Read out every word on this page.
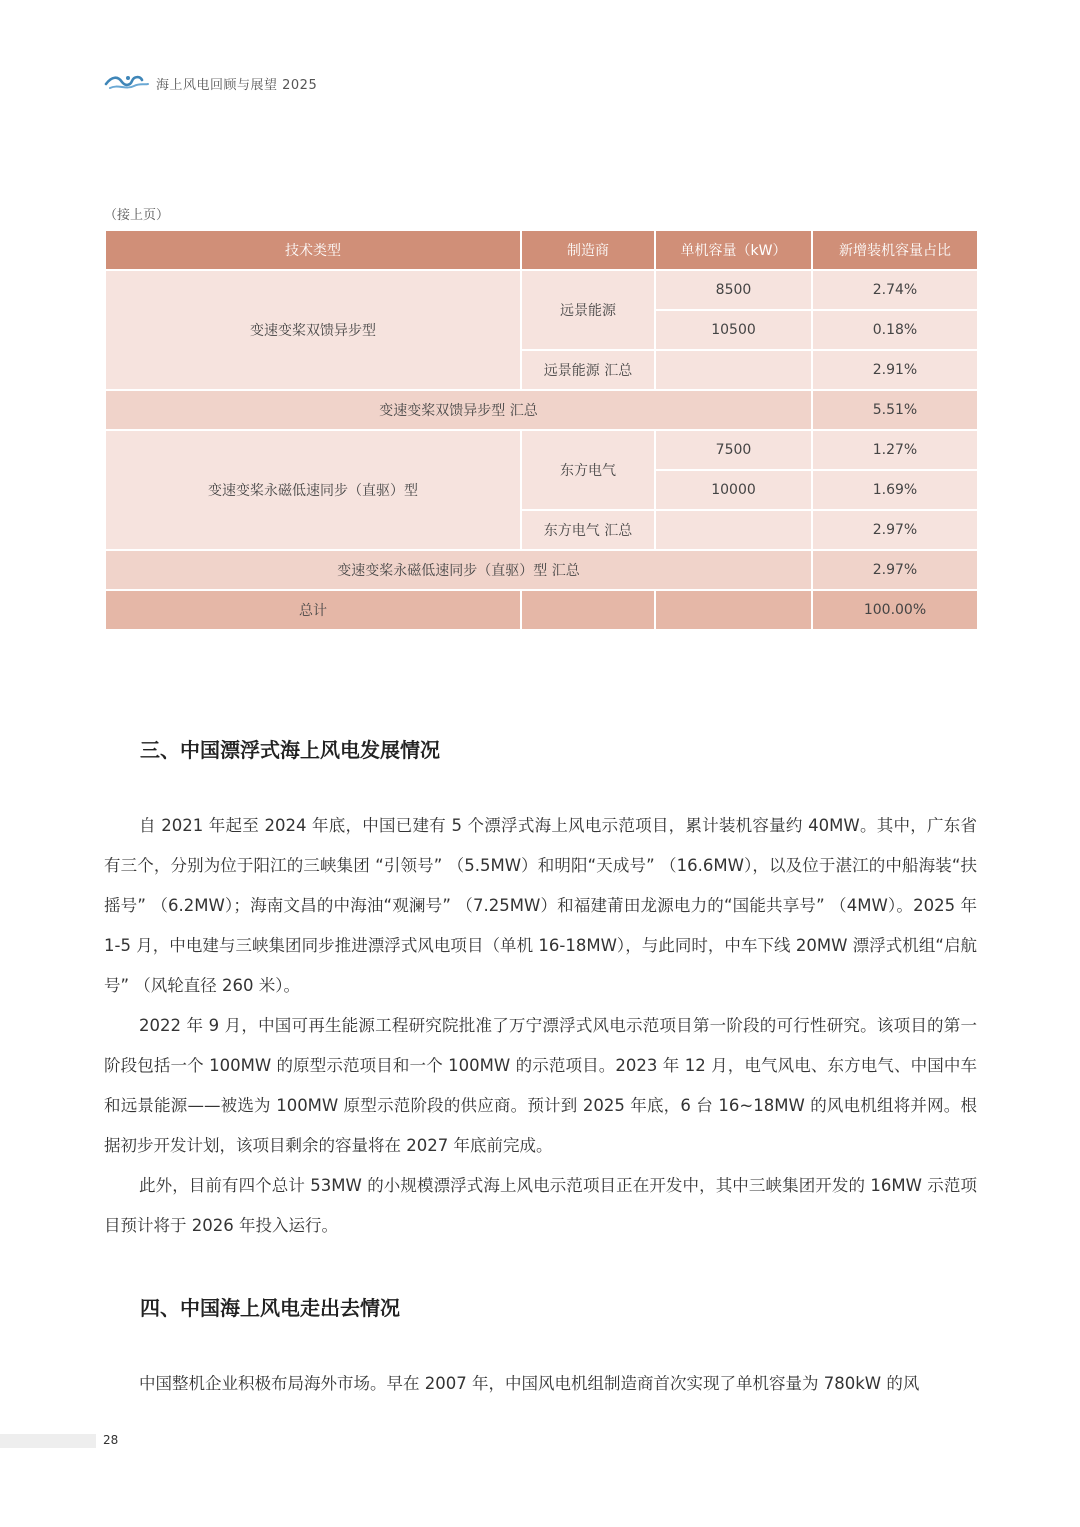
海上风电回顾与展望 2025
（接上页）
技术类型	制造商	单机容量（kW）	新增装机容量占比
变速变桨双馈异步型	远景能源	8500	2.74%
		10500	0.18%
	远景能源 汇总		2.91%
变速变桨双馈异步型 汇总			5.51%
变速变桨永磁低速同步（直驱）型	东方电气	7500	1.27%
		10000	1.69%
	东方电气 汇总		2.97%
变速变桨永磁低速同步（直驱）型 汇总			2.97%
总计			100.00%
三、中国漂浮式海上风电发展情况

自 2021 年起至 2024 年底，中国已建有 5 个漂浮式海上风电示范项目，累计装机容量约 40MW。其中，广东省有三个，分别为位于阳江的三峡集团 “引领号” （5.5MW）和明阳“天成号” （16.6MW），以及位于湛江的中船海装“扶摇号” （6.2MW）；海南文昌的中海油“观澜号” （7.25MW）和福建莆田龙源电力的“国能共享号” （4MW）。2025 年 1-5 月，中电建与三峡集团同步推进漂浮式风电项目（单机 16-18MW），与此同时，中车下线 20MW 漂浮式机组“启航号” （风轮直径 260 米）。

2022 年 9 月，中国可再生能源工程研究院批准了万宁漂浮式风电示范项目第一阶段的可行性研究。该项目的第一阶段包括一个 100MW 的原型示范项目和一个 100MW 的示范项目。2023 年 12 月，电气风电、东方电气、中国中车和远景能源——被选为 100MW 原型示范阶段的供应商。预计到 2025 年底，6 台 16~18MW 的风电机组将并网。根据初步开发计划，该项目剩余的容量将在 2027 年底前完成。

此外，目前有四个总计 53MW 的小规模漂浮式海上风电示范项目正在开发中，其中三峡集团开发的 16MW 示范项目预计将于 2026 年投入运行。

四、中国海上风电走出去情况

中国整机企业积极布局海外市场。早在 2007 年，中国风电机组制造商首次实现了单机容量为 780kW 的风

28
